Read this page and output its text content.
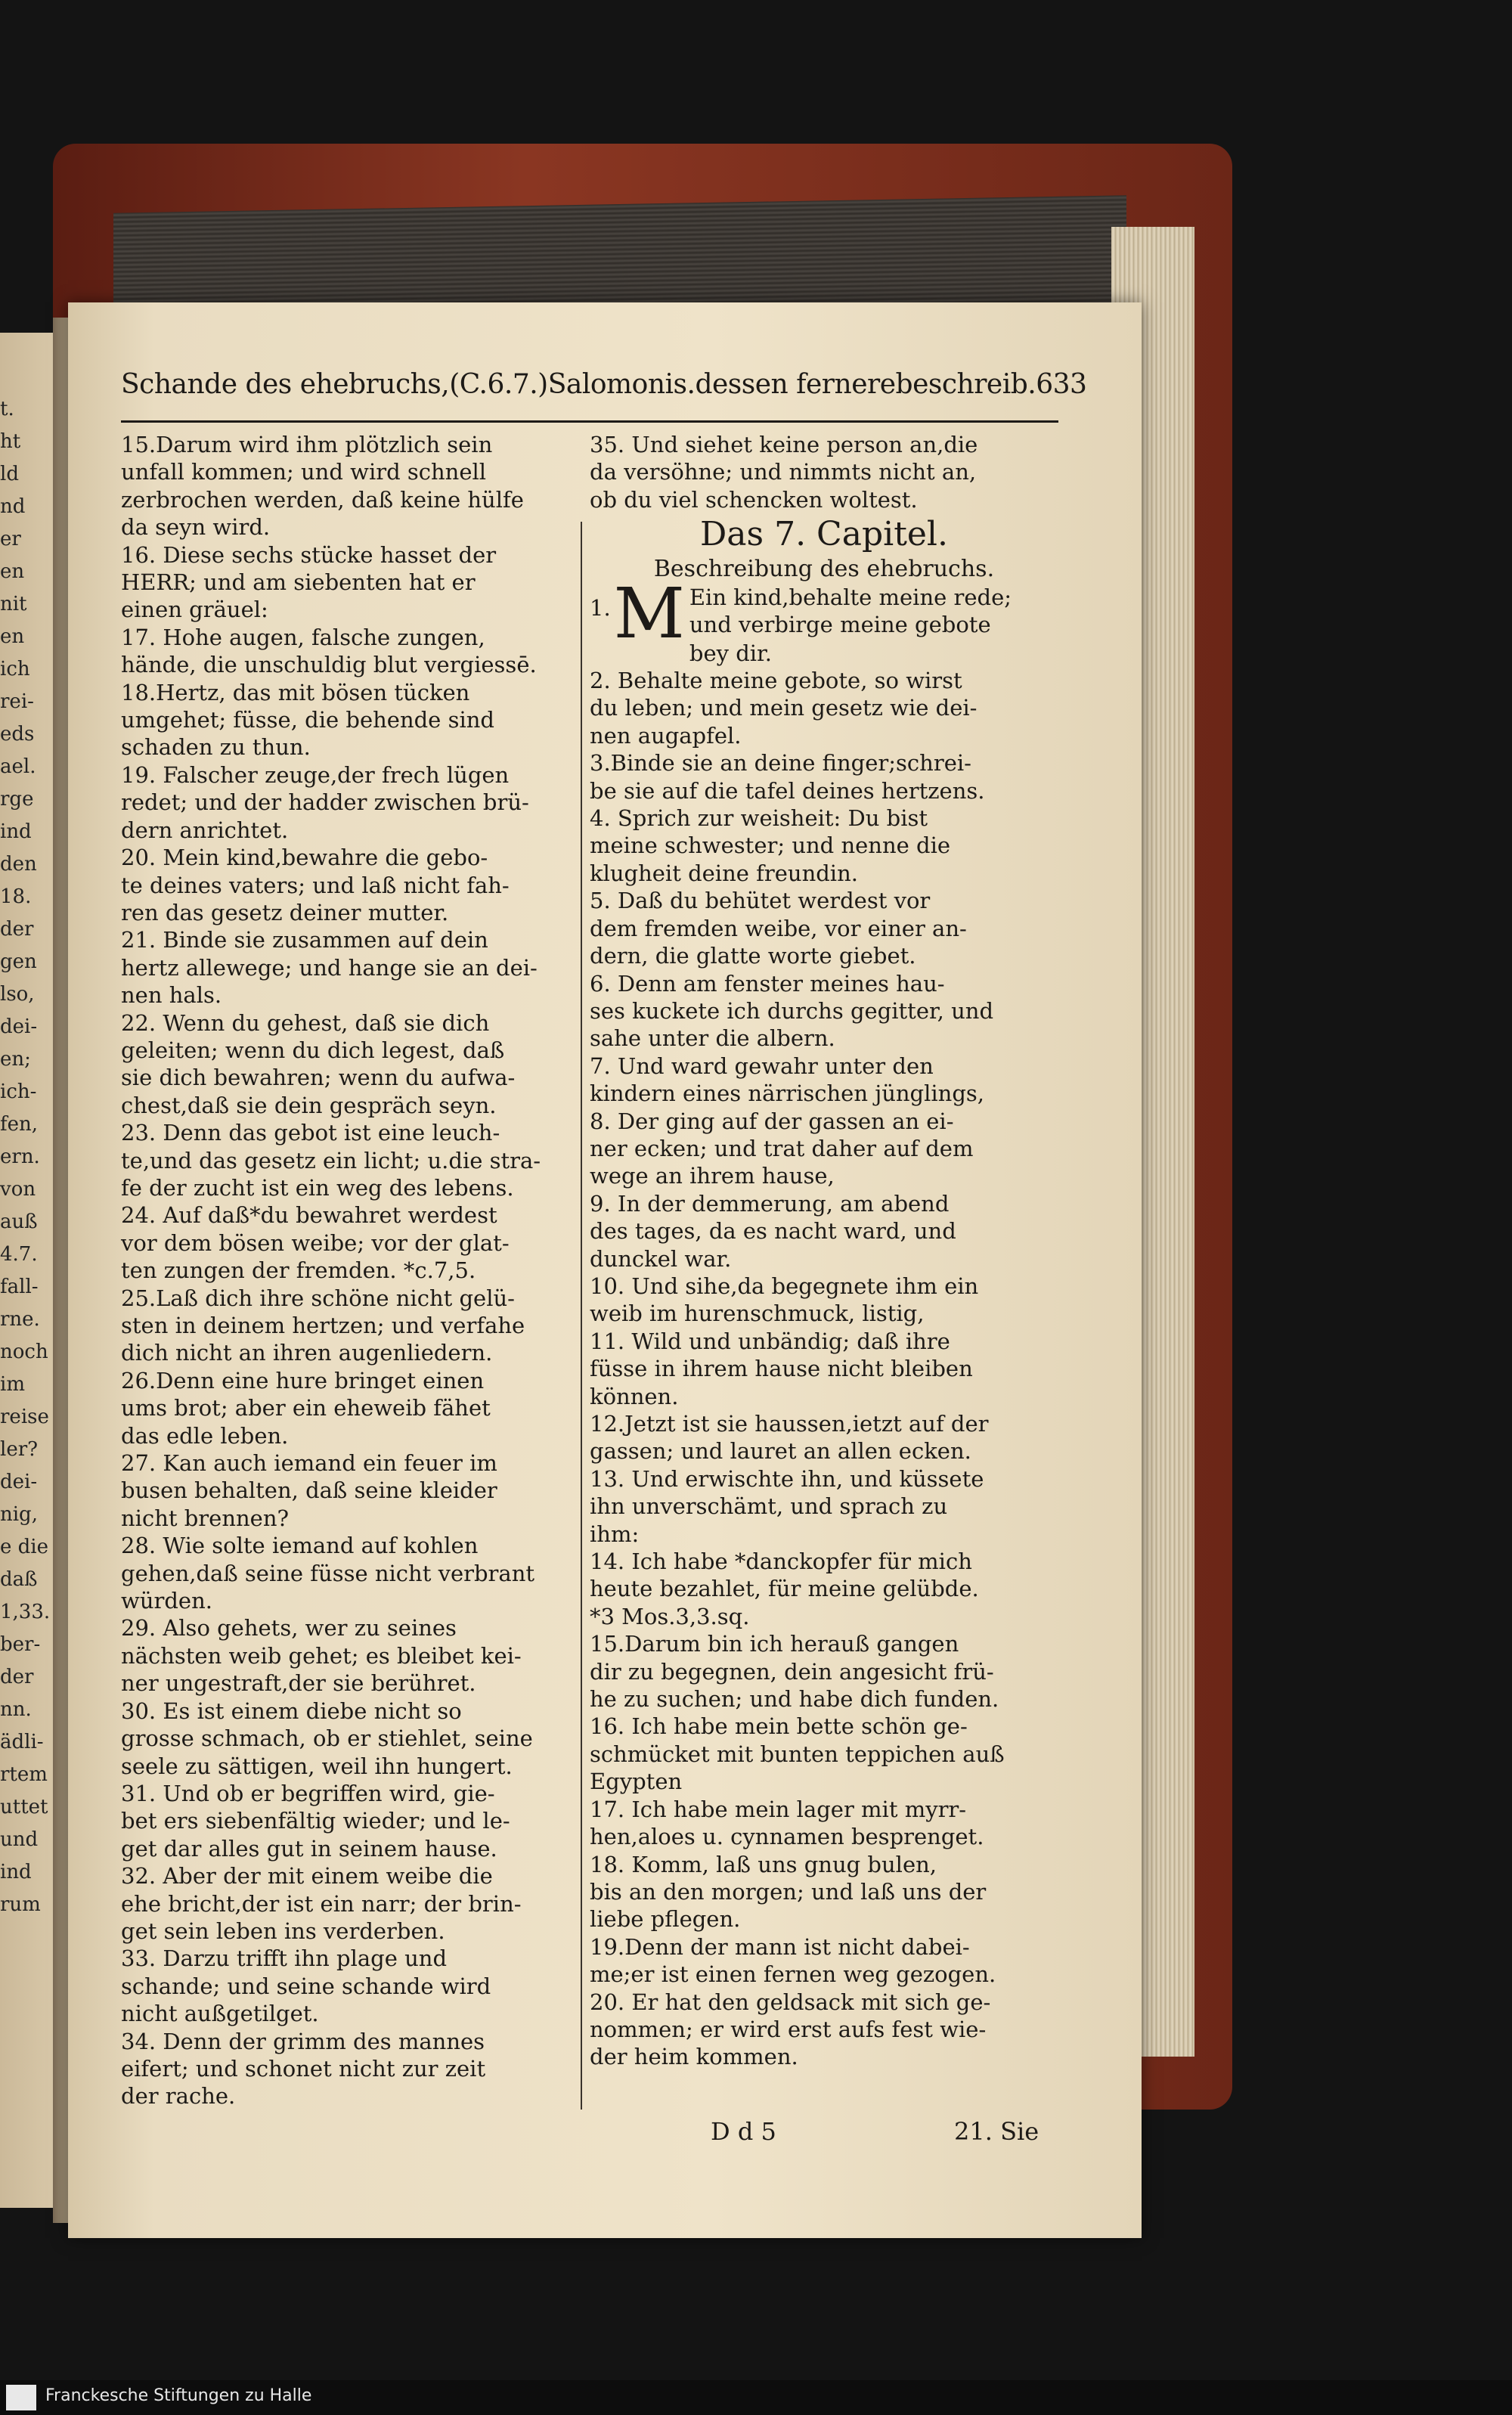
t.
ht
ld
nd
er
en
nit
en
ich
rei-
eds
ael.
rge
ind
den
18.
der
gen
lso,
dei-
en;
ich-
fen,
ern.
von
auß
4.7.
fall-
rne.
noch
im
reise
ler?
dei-
nig,
e die
daß
1,33.
ber-
der
nn.
ädli-
rtem
uttet
und
ind
rum
Schande des ehebruchs,(C.6.7.)Salomonis.dessen fernerebeschreib.633
15.Darum wird ihm plötzlich sein
unfall kommen; und wird schnell
zerbrochen werden, daß keine hülfe
da seyn wird.
16. Diese sechs stücke hasset der
HERR; und am siebenten hat er
einen gräuel:
17. Hohe augen, falsche zungen,
hände, die unschuldig blut vergiessē.
18.Hertz, das mit bösen tücken
umgehet; füsse, die behende sind
schaden zu thun.
19. Falscher zeuge,der frech lügen
redet; und der hadder zwischen brü-
dern anrichtet.
20. Mein kind,bewahre die gebo-
te deines vaters; und laß nicht fah-
ren das gesetz deiner mutter.
21. Binde sie zusammen auf dein
hertz allewege; und hange sie an dei-
nen hals.
22. Wenn du gehest, daß sie dich
geleiten; wenn du dich legest, daß
sie dich bewahren; wenn du aufwa-
chest,daß sie dein gespräch seyn.
23. Denn das gebot ist eine leuch-
te,und das gesetz ein licht; u.die stra-
fe der zucht ist ein weg des lebens.
24. Auf daß*du bewahret werdest
vor dem bösen weibe; vor der glat-
ten zungen der fremden. *c.7,5.
25.Laß dich ihre schöne nicht gelü-
sten in deinem hertzen; und verfahe
dich nicht an ihren augenliedern.
26.Denn eine hure bringet einen
ums brot; aber ein eheweib fähet
das edle leben.
27. Kan auch iemand ein feuer im
busen behalten, daß seine kleider
nicht brennen?
28. Wie solte iemand auf kohlen
gehen,daß seine füsse nicht verbrant
würden.
29. Also gehets, wer zu seines
nächsten weib gehet; es bleibet kei-
ner ungestraft,der sie berühret.
30. Es ist einem diebe nicht so
grosse schmach, ob er stiehlet, seine
seele zu sättigen, weil ihn hungert.
31. Und ob er begriffen wird, gie-
bet ers siebenfältig wieder; und le-
get dar alles gut in seinem hause.
32. Aber der mit einem weibe die
ehe bricht,der ist ein narr; der brin-
get sein leben ins verderben.
33. Darzu trifft ihn plage und
schande; und seine schande wird
nicht außgetilget.
34. Denn der grimm des mannes
eifert; und schonet nicht zur zeit
der rache.
35. Und siehet keine person an,die
da versöhne; und nimmts nicht an,
ob du viel schencken woltest.
Das 7. Capitel.
Beschreibung des ehebruchs.
1. M Ein kind,behalte meine rede;
und verbirge meine gebote
bey dir.
2. Behalte meine gebote, so wirst
du leben; und mein gesetz wie dei-
nen augapfel.
3.Binde sie an deine finger;schrei-
be sie auf die tafel deines hertzens.
4. Sprich zur weisheit: Du bist
meine schwester; und nenne die
klugheit deine freundin.
5. Daß du behütet werdest vor
dem fremden weibe, vor einer an-
dern, die glatte worte giebet.
6. Denn am fenster meines hau-
ses kuckete ich durchs gegitter, und
sahe unter die albern.
7. Und ward gewahr unter den
kindern eines närrischen jünglings,
8. Der ging auf der gassen an ei-
ner ecken; und trat daher auf dem
wege an ihrem hause,
9. In der demmerung, am abend
des tages, da es nacht ward, und
dunckel war.
10. Und sihe,da begegnete ihm ein
weib im hurenschmuck, listig,
11. Wild und unbändig; daß ihre
füsse in ihrem hause nicht bleiben
können.
12.Jetzt ist sie haussen,ietzt auf der
gassen; und lauret an allen ecken.
13. Und erwischte ihn, und küssete
ihn unverschämt, und sprach zu
ihm:
14. Ich habe *danckopfer für mich
heute bezahlet, für meine gelübde.
*3 Mos.3,3.sq.
15.Darum bin ich herauß gangen
dir zu begegnen, dein angesicht frü-
he zu suchen; und habe dich funden.
16. Ich habe mein bette schön ge-
schmücket mit bunten teppichen auß
Egypten
17. Ich habe mein lager mit myrr-
hen,aloes u. cynnamen besprenget.
18. Komm, laß uns gnug bulen,
bis an den morgen; und laß uns der
liebe pflegen.
19.Denn der mann ist nicht dabei-
me;er ist einen fernen weg gezogen.
20. Er hat den geldsack mit sich ge-
nommen; er wird erst aufs fest wie-
der heim kommen.
D d 5	21. Sie
Franckesche Stiftungen zu Halle
